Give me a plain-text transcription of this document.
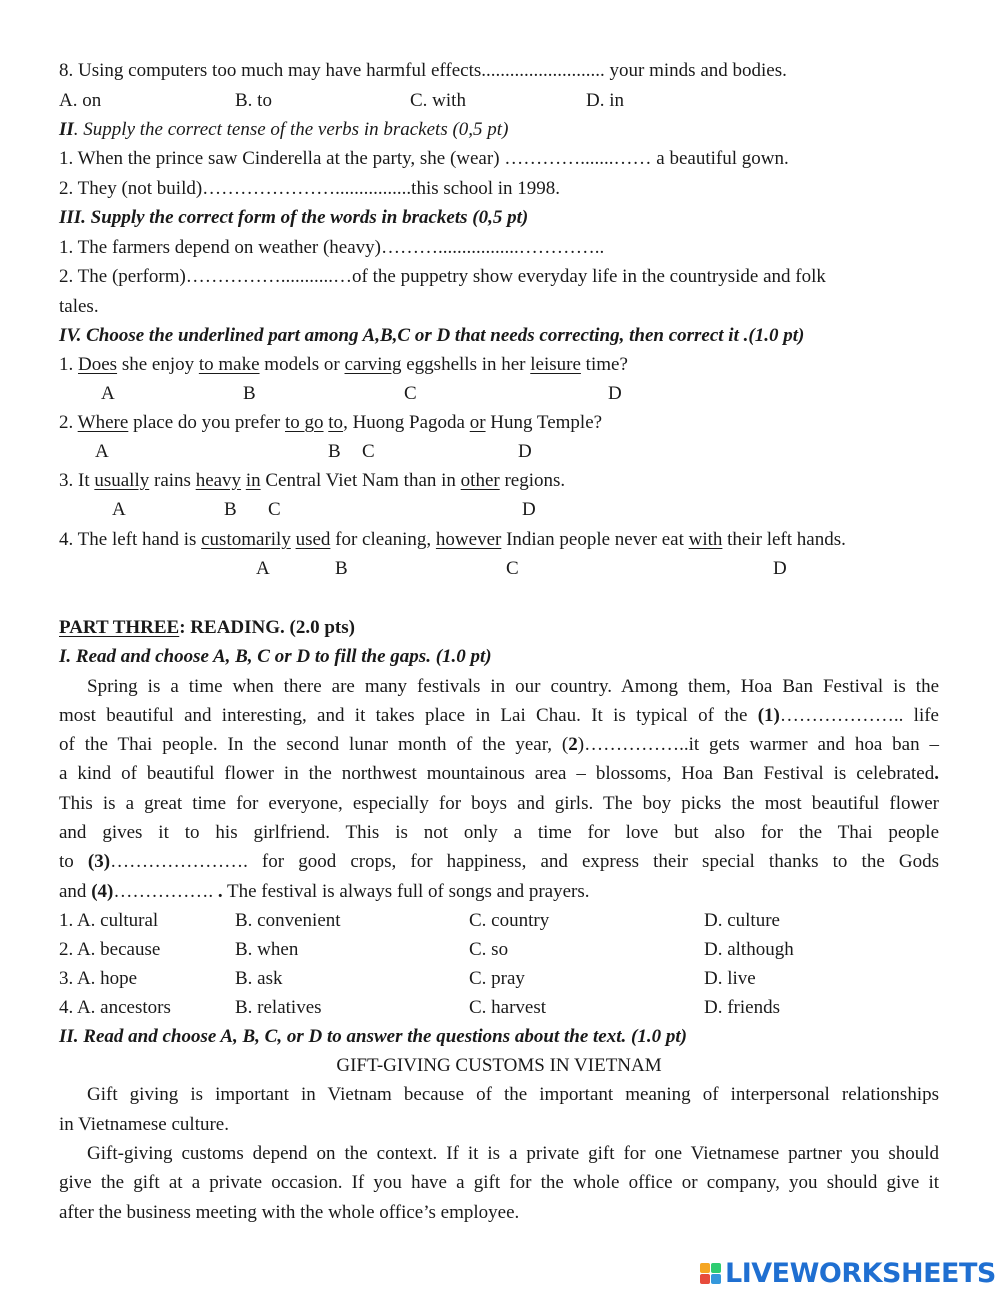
8. Using computers too much may have harmful effects.......................... your minds and bodies.
A. on	B. to	C. with	D. in
II. Supply the correct tense of the verbs in brackets (0,5 pt)
1. When the prince saw Cinderella at the party, she (wear) ………….......…… a beautiful gown.
2. They (not build)…………………................this school in 1998.
III. Supply the correct form of the words in brackets (0,5 pt)
1. The farmers depend on weather (heavy)……….................…………..
2. The (perform)……………...........…of the puppetry show everyday life in the countryside and folk
tales.
IV. Choose the underlined part among A,B,C or D that needs correcting, then correct it .(1.0 pt)
1. Does she enjoy to make models or carving eggshells in her leisure time?
A	B	C	D
2. Where place do you prefer to go to, Huong Pagoda or Hung Temple?
A	B C	D
3. It usually rains heavy in Central Viet Nam than in other regions.
A	B C	D
4. The left hand is customarily used for cleaning, however Indian people never eat with their left hands.
A	B	C	D
PART THREE: READING. (2.0 pts)
I. Read and choose A, B, C or D to fill the gaps. (1.0 pt)
Spring is a time when there are many festivals in our country. Among them, Hoa Ban Festival is the
most beautiful and interesting, and it takes place in Lai Chau. It is typical of the (1)……………….. life
of the Thai people. In the second lunar month of the year, (2)……………..it gets warmer and hoa ban –
a kind of beautiful flower in the northwest mountainous area – blossoms, Hoa Ban Festival is celebrated.
This is a great time for everyone, especially for boys and girls. The boy picks the most beautiful flower
and gives it to his girlfriend. This is not only a time for love but also for the Thai people
to (3)…………………. for good crops, for happiness, and express their special thanks to the Gods
and (4)……………. . The festival is always full of songs and prayers.
1. A. cultural	B. convenient	C. country	D. culture
2. A. because	B. when	C. so	D. although
3. A. hope	B. ask	C. pray	D. live
4. A. ancestors	B. relatives	C. harvest	D. friends
II. Read and choose A, B, C, or D to answer the questions about the text. (1.0 pt)
GIFT-GIVING CUSTOMS IN VIETNAM
Gift giving is important in Vietnam because of the important meaning of interpersonal relationships
in Vietnamese culture.
Gift-giving customs depend on the context. If it is a private gift for one Vietnamese partner you should
give the gift at a private occasion. If you have a gift for the whole office or company, you should give it
after the business meeting with the whole office’s employee.
LIVEWORKSHEETS
